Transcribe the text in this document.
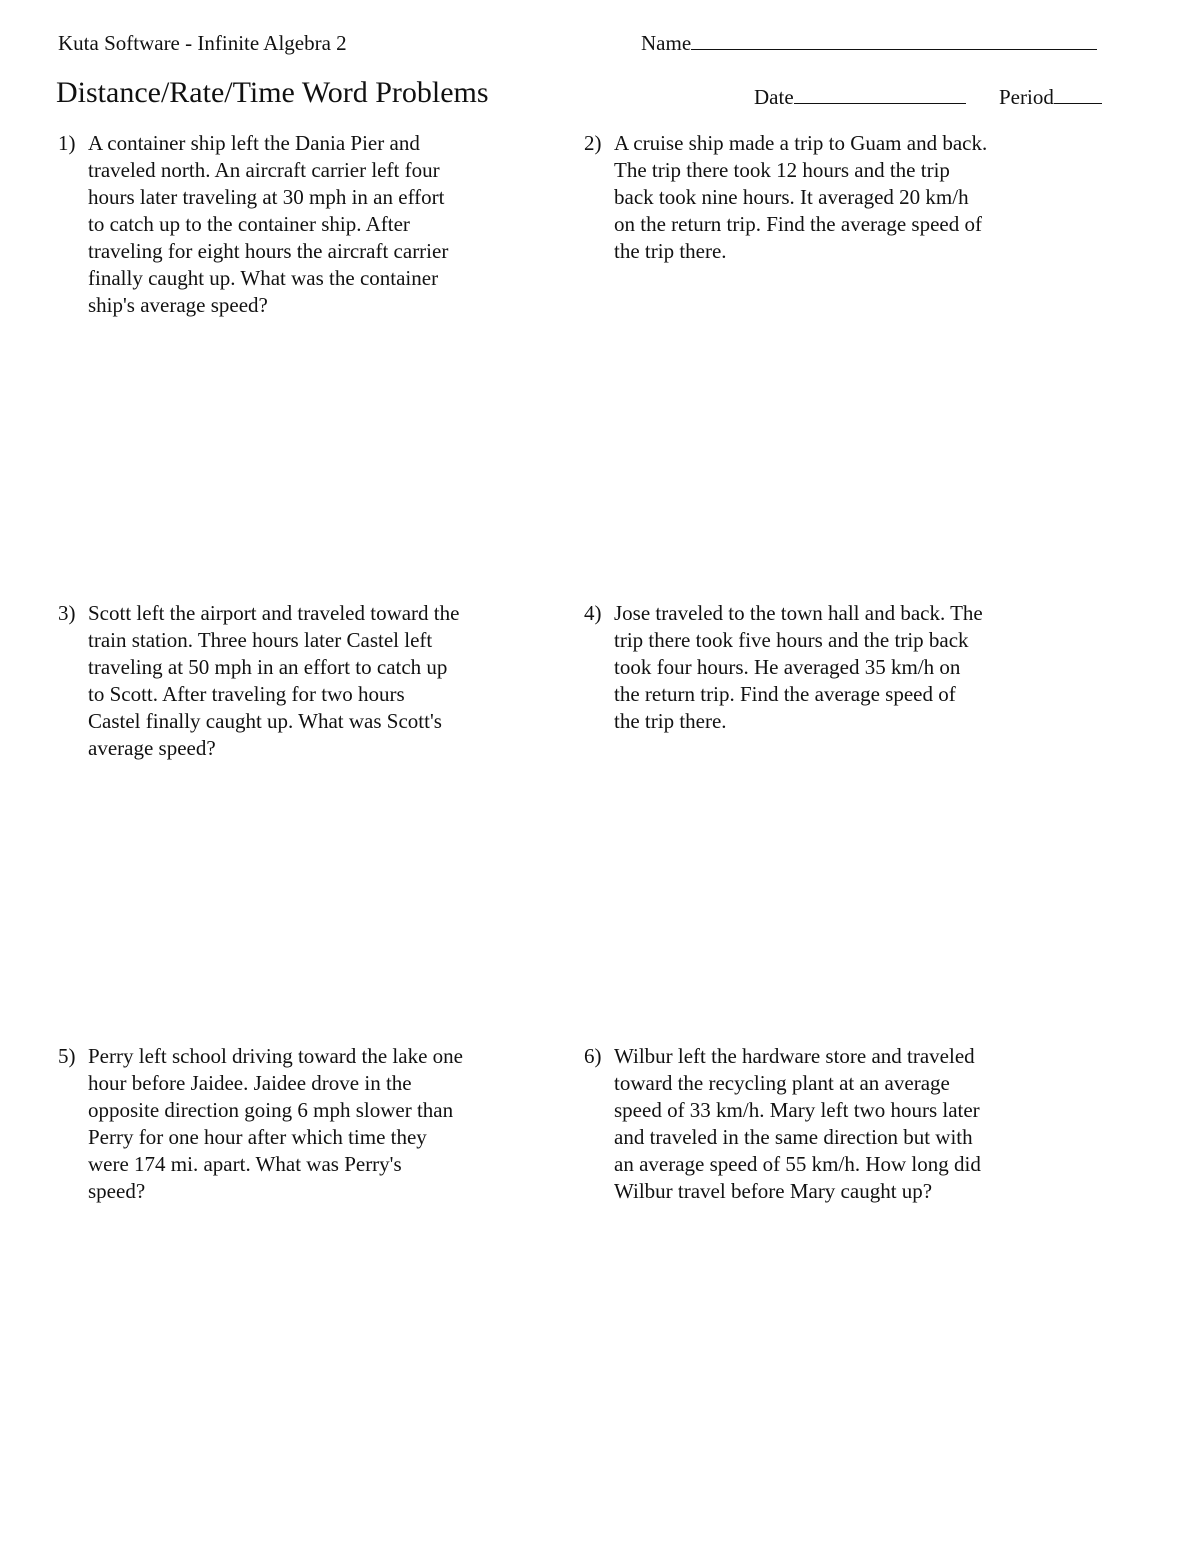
Kuta Software - Infinite Algebra 2	Name
Distance/Rate/Time Word Problems	Date	Period
1) A container ship left the Dania Pier and
traveled north. An aircraft carrier left four
hours later traveling at 30 mph in an effort
to catch up to the container ship. After
traveling for eight hours the aircraft carrier
finally caught up. What was the container
ship's average speed?
2) A cruise ship made a trip to Guam and back.
The trip there took 12 hours and the trip
back took nine hours. It averaged 20 km/h
on the return trip. Find the average speed of
the trip there.
3) Scott left the airport and traveled toward the
train station. Three hours later Castel left
traveling at 50 mph in an effort to catch up
to Scott. After traveling for two hours
Castel finally caught up. What was Scott's
average speed?
4) Jose traveled to the town hall and back. The
trip there took five hours and the trip back
took four hours. He averaged 35 km/h on
the return trip. Find the average speed of
the trip there.
5) Perry left school driving toward the lake one
hour before Jaidee. Jaidee drove in the
opposite direction going 6 mph slower than
Perry for one hour after which time they
were 174 mi. apart. What was Perry's
speed?
6) Wilbur left the hardware store and traveled
toward the recycling plant at an average
speed of 33 km/h. Mary left two hours later
and traveled in the same direction but with
an average speed of 55 km/h. How long did
Wilbur travel before Mary caught up?
